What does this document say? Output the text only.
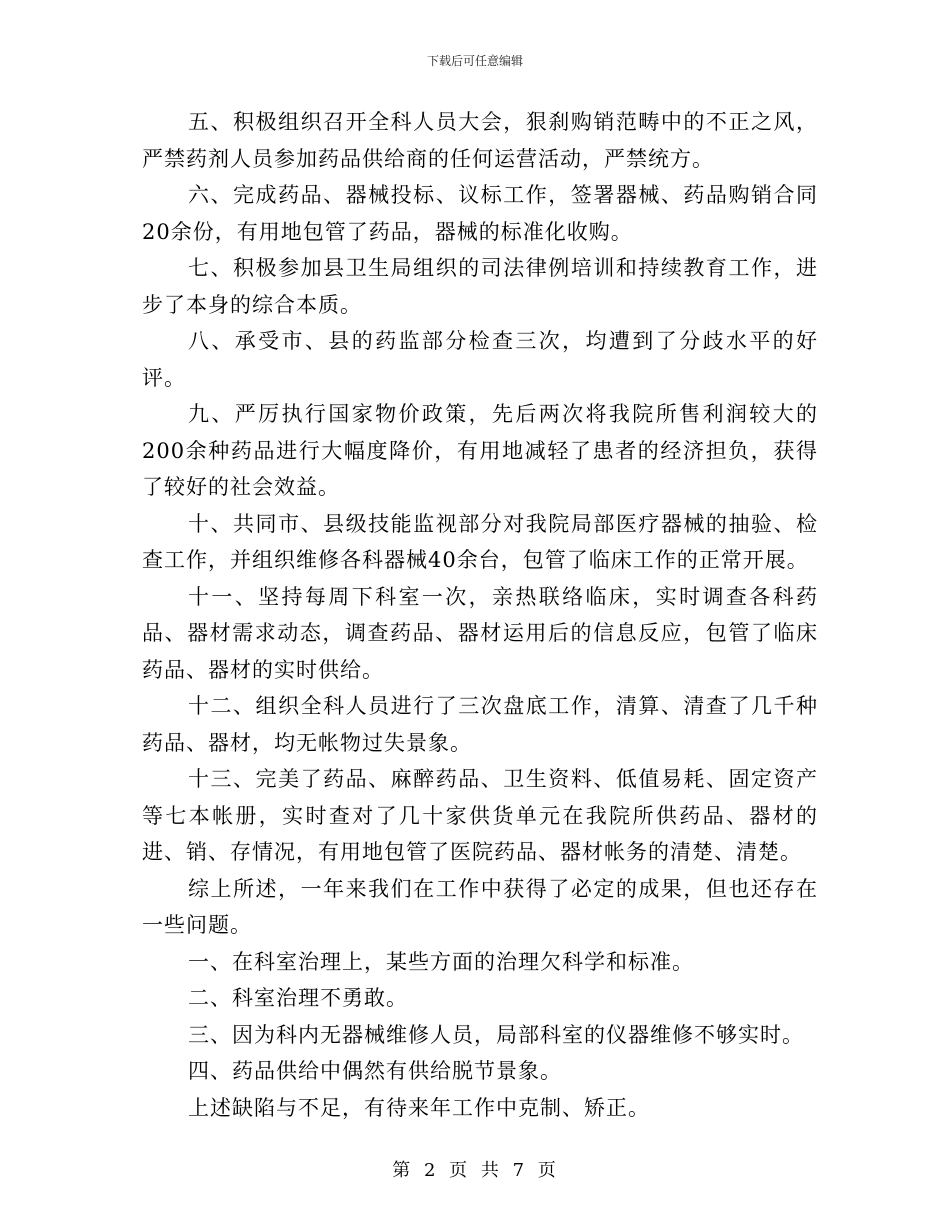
下载后可任意编辑

五、积极组织召开全科人员大会，狠刹购销范畴中的不正之风，严禁药剂人员参加药品供给商的任何运营活动，严禁统方。

六、完成药品、器械投标、议标工作，签署器械、药品购销合同20余份，有用地包管了药品，器械的标准化收购。

七、积极参加县卫生局组织的司法律例培训和持续教育工作，进步了本身的综合本质。

八、承受市、县的药监部分检查三次，均遭到了分歧水平的好评。

九、严厉执行国家物价政策，先后两次将我院所售利润较大的200余种药品进行大幅度降价，有用地减轻了患者的经济担负，获得了较好的社会效益。

十、共同市、县级技能监视部分对我院局部医疗器械的抽验、检查工作，并组织维修各科器械40余台，包管了临床工作的正常开展。

十一、坚持每周下科室一次，亲热联络临床，实时调查各科药品、器材需求动态，调查药品、器材运用后的信息反应，包管了临床药品、器材的实时供给。

十二、组织全科人员进行了三次盘底工作，清算、清查了几千种药品、器材，均无帐物过失景象。

十三、完美了药品、麻醉药品、卫生资料、低值易耗、固定资产等七本帐册，实时查对了几十家供货单元在我院所供药品、器材的进、销、存情况，有用地包管了医院药品、器材帐务的清楚、清楚。

综上所述，一年来我们在工作中获得了必定的成果，但也还存在一些问题。

一、在科室治理上，某些方面的治理欠科学和标准。

二、科室治理不勇敢。

三、因为科内无器械维修人员，局部科室的仪器维修不够实时。

四、药品供给中偶然有供给脱节景象。

上述缺陷与不足，有待来年工作中克制、矫正。

第 2 页 共 7 页
